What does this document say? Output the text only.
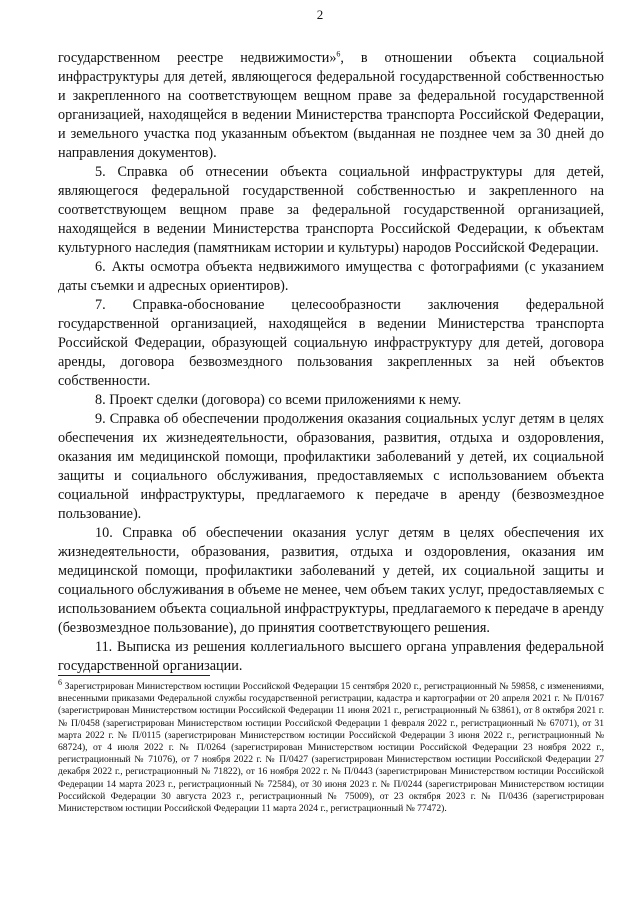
2

государственном реестре недвижимости»$^6$, в отношении объекта социальной инфраструктуры для детей, являющегося федеральной государственной собственностью и закрепленного на соответствующем вещном праве за федеральной государственной организацией, находящейся в ведении Министерства транспорта Российской Федерации, и земельного участка под указанным объектом (выданная не позднее чем за 30 дней до направления документов).

5. Справка об отнесении объекта социальной инфраструктуры для детей, являющегося федеральной государственной собственностью и закрепленного на соответствующем вещном праве за федеральной государственной организацией, находящейся в ведении Министерства транспорта Российской Федерации, к объектам культурного наследия (памятникам истории и культуры) народов Российской Федерации.

6. Акты осмотра объекта недвижимого имущества с фотографиями (с указанием даты съемки и адресных ориентиров).

7. Справка-обоснование целесообразности заключения федеральной государственной организацией, находящейся в ведении Министерства транспорта Российской Федерации, образующей социальную инфраструктуру для детей, договора аренды, договора безвозмездного пользования закрепленных за ней объектов собственности.

8. Проект сделки (договора) со всеми приложениями к нему.

9. Справка об обеспечении продолжения оказания социальных услуг детям в целях обеспечения их жизнедеятельности, образования, развития, отдыха и оздоровления, оказания им медицинской помощи, профилактики заболеваний у детей, их социальной защиты и социального обслуживания, предоставляемых с использованием объекта социальной инфраструктуры, предлагаемого к передаче в аренду (безвозмездное пользование).

10. Справка об обеспечении оказания услуг детям в целях обеспечения их жизнедеятельности, образования, развития, отдыха и оздоровления, оказания им медицинской помощи, профилактики заболеваний у детей, их социальной защиты и социального обслуживания в объеме не менее, чем объем таких услуг, предоставляемых с использованием объекта социальной инфраструктуры, предлагаемого к передаче в аренду (безвозмездное пользование), до принятия соответствующего решения.

11. Выписка из решения коллегиального высшего органа управления федеральной государственной организации.

$^6$ Зарегистрирован Министерством юстиции Российской Федерации 15 сентября 2020 г., регистрационный № 59858, с изменениями, внесенными приказами Федеральной службы государственной регистрации, кадастра и картографии от 20 апреля 2021 г. № П/0167 (зарегистрирован Министерством юстиции Российской Федерации 11 июня 2021 г., регистрационный № 63861), от 8 октября 2021 г. № П/0458 (зарегистрирован Министерством юстиции Российской Федерации 1 февраля 2022 г., регистрационный № 67071), от 31 марта 2022 г. № П/0115 (зарегистрирован Министерством юстиции Российской Федерации 3 июня 2022 г., регистрационный № 68724), от 4 июля 2022 г. № П/0264 (зарегистрирован Министерством юстиции Российской Федерации 23 ноября 2022 г., регистрационный № 71076), от 7 ноября 2022 г. № П/0427 (зарегистрирован Министерством юстиции Российской Федерации 27 декабря 2022 г., регистрационный № 71822), от 16 ноября 2022 г. № П/0443 (зарегистрирован Министерством юстиции Российской Федерации 14 марта 2023 г., регистрационный № 72584), от 30 июня 2023 г. № П/0244 (зарегистрирован Министерством юстиции Российской Федерации 30 августа 2023 г., регистрационный № 75009), от 23 октября 2023 г. № П/0436 (зарегистрирован Министерством юстиции Российской Федерации 11 марта 2024 г., регистрационный № 77472).
